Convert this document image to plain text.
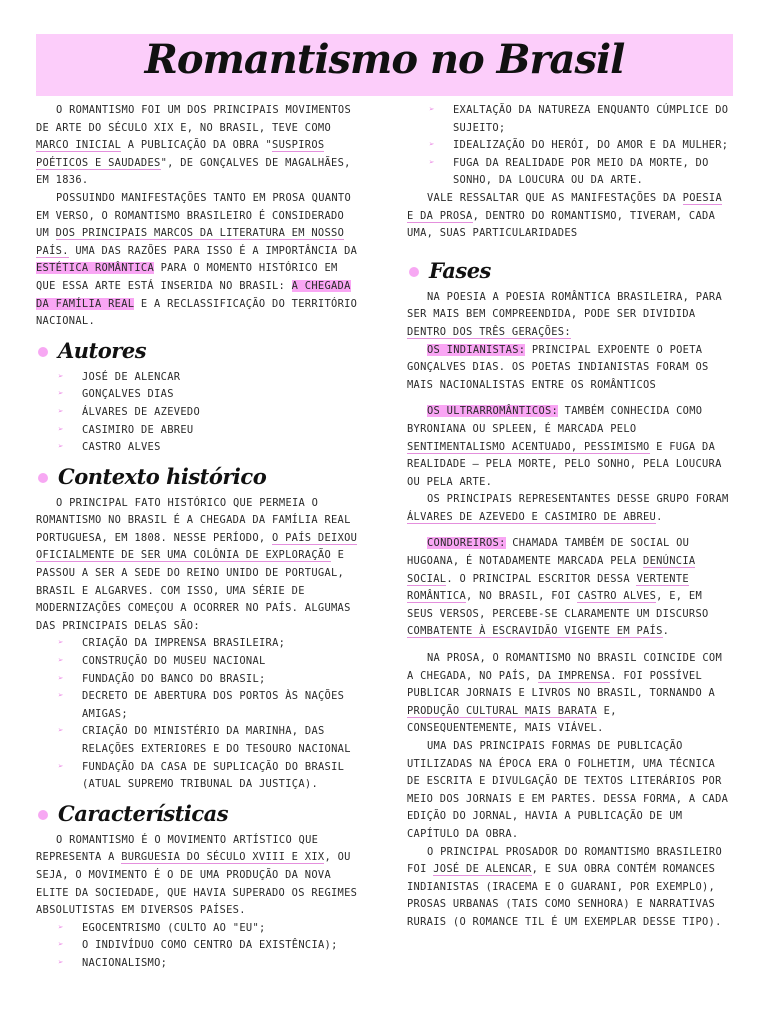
Romantismo no Brasil

O ROMANTISMO FOI UM DOS PRINCIPAIS MOVIMENTOS DE ARTE DO SÉCULO XIX E, NO BRASIL, TEVE COMO MARCO INICIAL A PUBLICAÇÃO DA OBRA "SUSPIROS POÉTICOS E SAUDADES", DE GONÇALVES DE MAGALHÃES, EM 1836.

POSSUINDO MANIFESTAÇÕES TANTO EM PROSA QUANTO EM VERSO, O ROMANTISMO BRASILEIRO É CONSIDERADO UM DOS PRINCIPAIS MARCOS DA LITERATURA EM NOSSO PAÍS. UMA DAS RAZÕES PARA ISSO É A IMPORTÂNCIA DA ESTÉTICA ROMÂNTICA PARA O MOMENTO HISTÓRICO EM QUE ESSA ARTE ESTÁ INSERIDA NO BRASIL: A CHEGADA DA FAMÍLIA REAL E A RECLASSIFICAÇÃO DO TERRITÓRIO NACIONAL.

Autores
➢ JOSÉ DE ALENCAR
➢ GONÇALVES DIAS
➢ ÁLVARES DE AZEVEDO
➢ CASIMIRO DE ABREU
➢ CASTRO ALVES
Contexto histórico

O PRINCIPAL FATO HISTÓRICO QUE PERMEIA O ROMANTISMO NO BRASIL É A CHEGADA DA FAMÍLIA REAL PORTUGUESA, EM 1808. NESSE PERÍODO, O PAÍS DEIXOU OFICIALMENTE DE SER UMA COLÔNIA DE EXPLORAÇÃO E PASSOU A SER A SEDE DO REINO UNIDO DE PORTUGAL, BRASIL E ALGARVES. COM ISSO, UMA SÉRIE DE MODERNIZAÇÕES COMEÇOU A OCORRER NO PAÍS. ALGUMAS DAS PRINCIPAIS DELAS SÃO:

➢ CRIAÇÃO DA IMPRENSA BRASILEIRA;
➢ CONSTRUÇÃO DO MUSEU NACIONAL
➢ FUNDAÇÃO DO BANCO DO BRASIL;
➢ DECRETO DE ABERTURA DOS PORTOS ÀS NAÇÕES AMIGAS;
➢ CRIAÇÃO DO MINISTÉRIO DA MARINHA, DAS RELAÇÕES EXTERIORES E DO TESOURO NACIONAL
➢ FUNDAÇÃO DA CASA DE SUPLICAÇÃO DO BRASIL (ATUAL SUPREMO TRIBUNAL DA JUSTIÇA).
Características

O ROMANTISMO É O MOVIMENTO ARTÍSTICO QUE REPRESENTA A BURGUESIA DO SÉCULO XVIII E XIX, OU SEJA, O MOVIMENTO É O DE UMA PRODUÇÃO DA NOVA ELITE DA SOCIEDADE, QUE HAVIA SUPERADO OS REGIMES ABSOLUTISTAS EM DIVERSOS PAÍSES.

➢ EGOCENTRISMO (CULTO AO "EU";
➢ O INDIVÍDUO COMO CENTRO DA EXISTÊNCIA);
➢ NACIONALISMO;
➢ EXALTAÇÃO DA NATUREZA ENQUANTO CÚMPLICE DO SUJEITO;
➢ IDEALIZAÇÃO DO HERÓI, DO AMOR E DA MULHER;
➢ FUGA DA REALIDADE POR MEIO DA MORTE, DO SONHO, DA LOUCURA OU DA ARTE.

VALE RESSALTAR QUE AS MANIFESTAÇÕES DA POESIA E DA PROSA, DENTRO DO ROMANTISMO, TIVERAM, CADA UMA, SUAS PARTICULARIDADES

Fases

NA POESIA A POESIA ROMÂNTICA BRASILEIRA, PARA SER MAIS BEM COMPREENDIDA, PODE SER DIVIDIDA DENTRO DOS TRÊS GERAÇÕES:

OS INDIANISTAS: PRINCIPAL EXPOENTE O POETA GONÇALVES DIAS. OS POETAS INDIANISTAS FORAM OS MAIS NACIONALISTAS ENTRE OS ROMÂNTICOS

OS ULTRARROMÂNTICOS: TAMBÉM CONHECIDA COMO BYRONIANA OU SPLEEN, É MARCADA PELO SENTIMENTALISMO ACENTUADO, PESSIMISMO E FUGA DA REALIDADE – PELA MORTE, PELO SONHO, PELA LOUCURA OU PELA ARTE.

OS PRINCIPAIS REPRESENTANTES DESSE GRUPO FORAM ÁLVARES DE AZEVEDO E CASIMIRO DE ABREU.

CONDOREIROS: CHAMADA TAMBÉM DE SOCIAL OU HUGOANA, É NOTADAMENTE MARCADA PELA DENÚNCIA SOCIAL. O PRINCIPAL ESCRITOR DESSA VERTENTE ROMÂNTICA, NO BRASIL, FOI CASTRO ALVES, E, EM SEUS VERSOS, PERCEBE-SE CLARAMENTE UM DISCURSO COMBATENTE À ESCRAVIDÃO VIGENTE EM PAÍS.

NA PROSA, O ROMANTISMO NO BRASIL COINCIDE COM A CHEGADA, NO PAÍS, DA IMPRENSA. FOI POSSÍVEL PUBLICAR JORNAIS E LIVROS NO BRASIL, TORNANDO A PRODUÇÃO CULTURAL MAIS BARATA E, CONSEQUENTEMENTE, MAIS VIÁVEL.

UMA DAS PRINCIPAIS FORMAS DE PUBLICAÇÃO UTILIZADAS NA ÉPOCA ERA O FOLHETIM, UMA TÉCNICA DE ESCRITA E DIVULGAÇÃO DE TEXTOS LITERÁRIOS POR MEIO DOS JORNAIS E EM PARTES. DESSA FORMA, A CADA EDIÇÃO DO JORNAL, HAVIA A PUBLICAÇÃO DE UM CAPÍTULO DA OBRA.

O PRINCIPAL PROSADOR DO ROMANTISMO BRASILEIRO FOI JOSÉ DE ALENCAR, E SUA OBRA CONTÉM ROMANCES INDIANISTAS (IRACEMA E O GUARANI, POR EXEMPLO), PROSAS URBANAS (TAIS COMO SENHORA) E NARRATIVAS RURAIS (O ROMANCE TIL É UM EXEMPLAR DESSE TIPO).
